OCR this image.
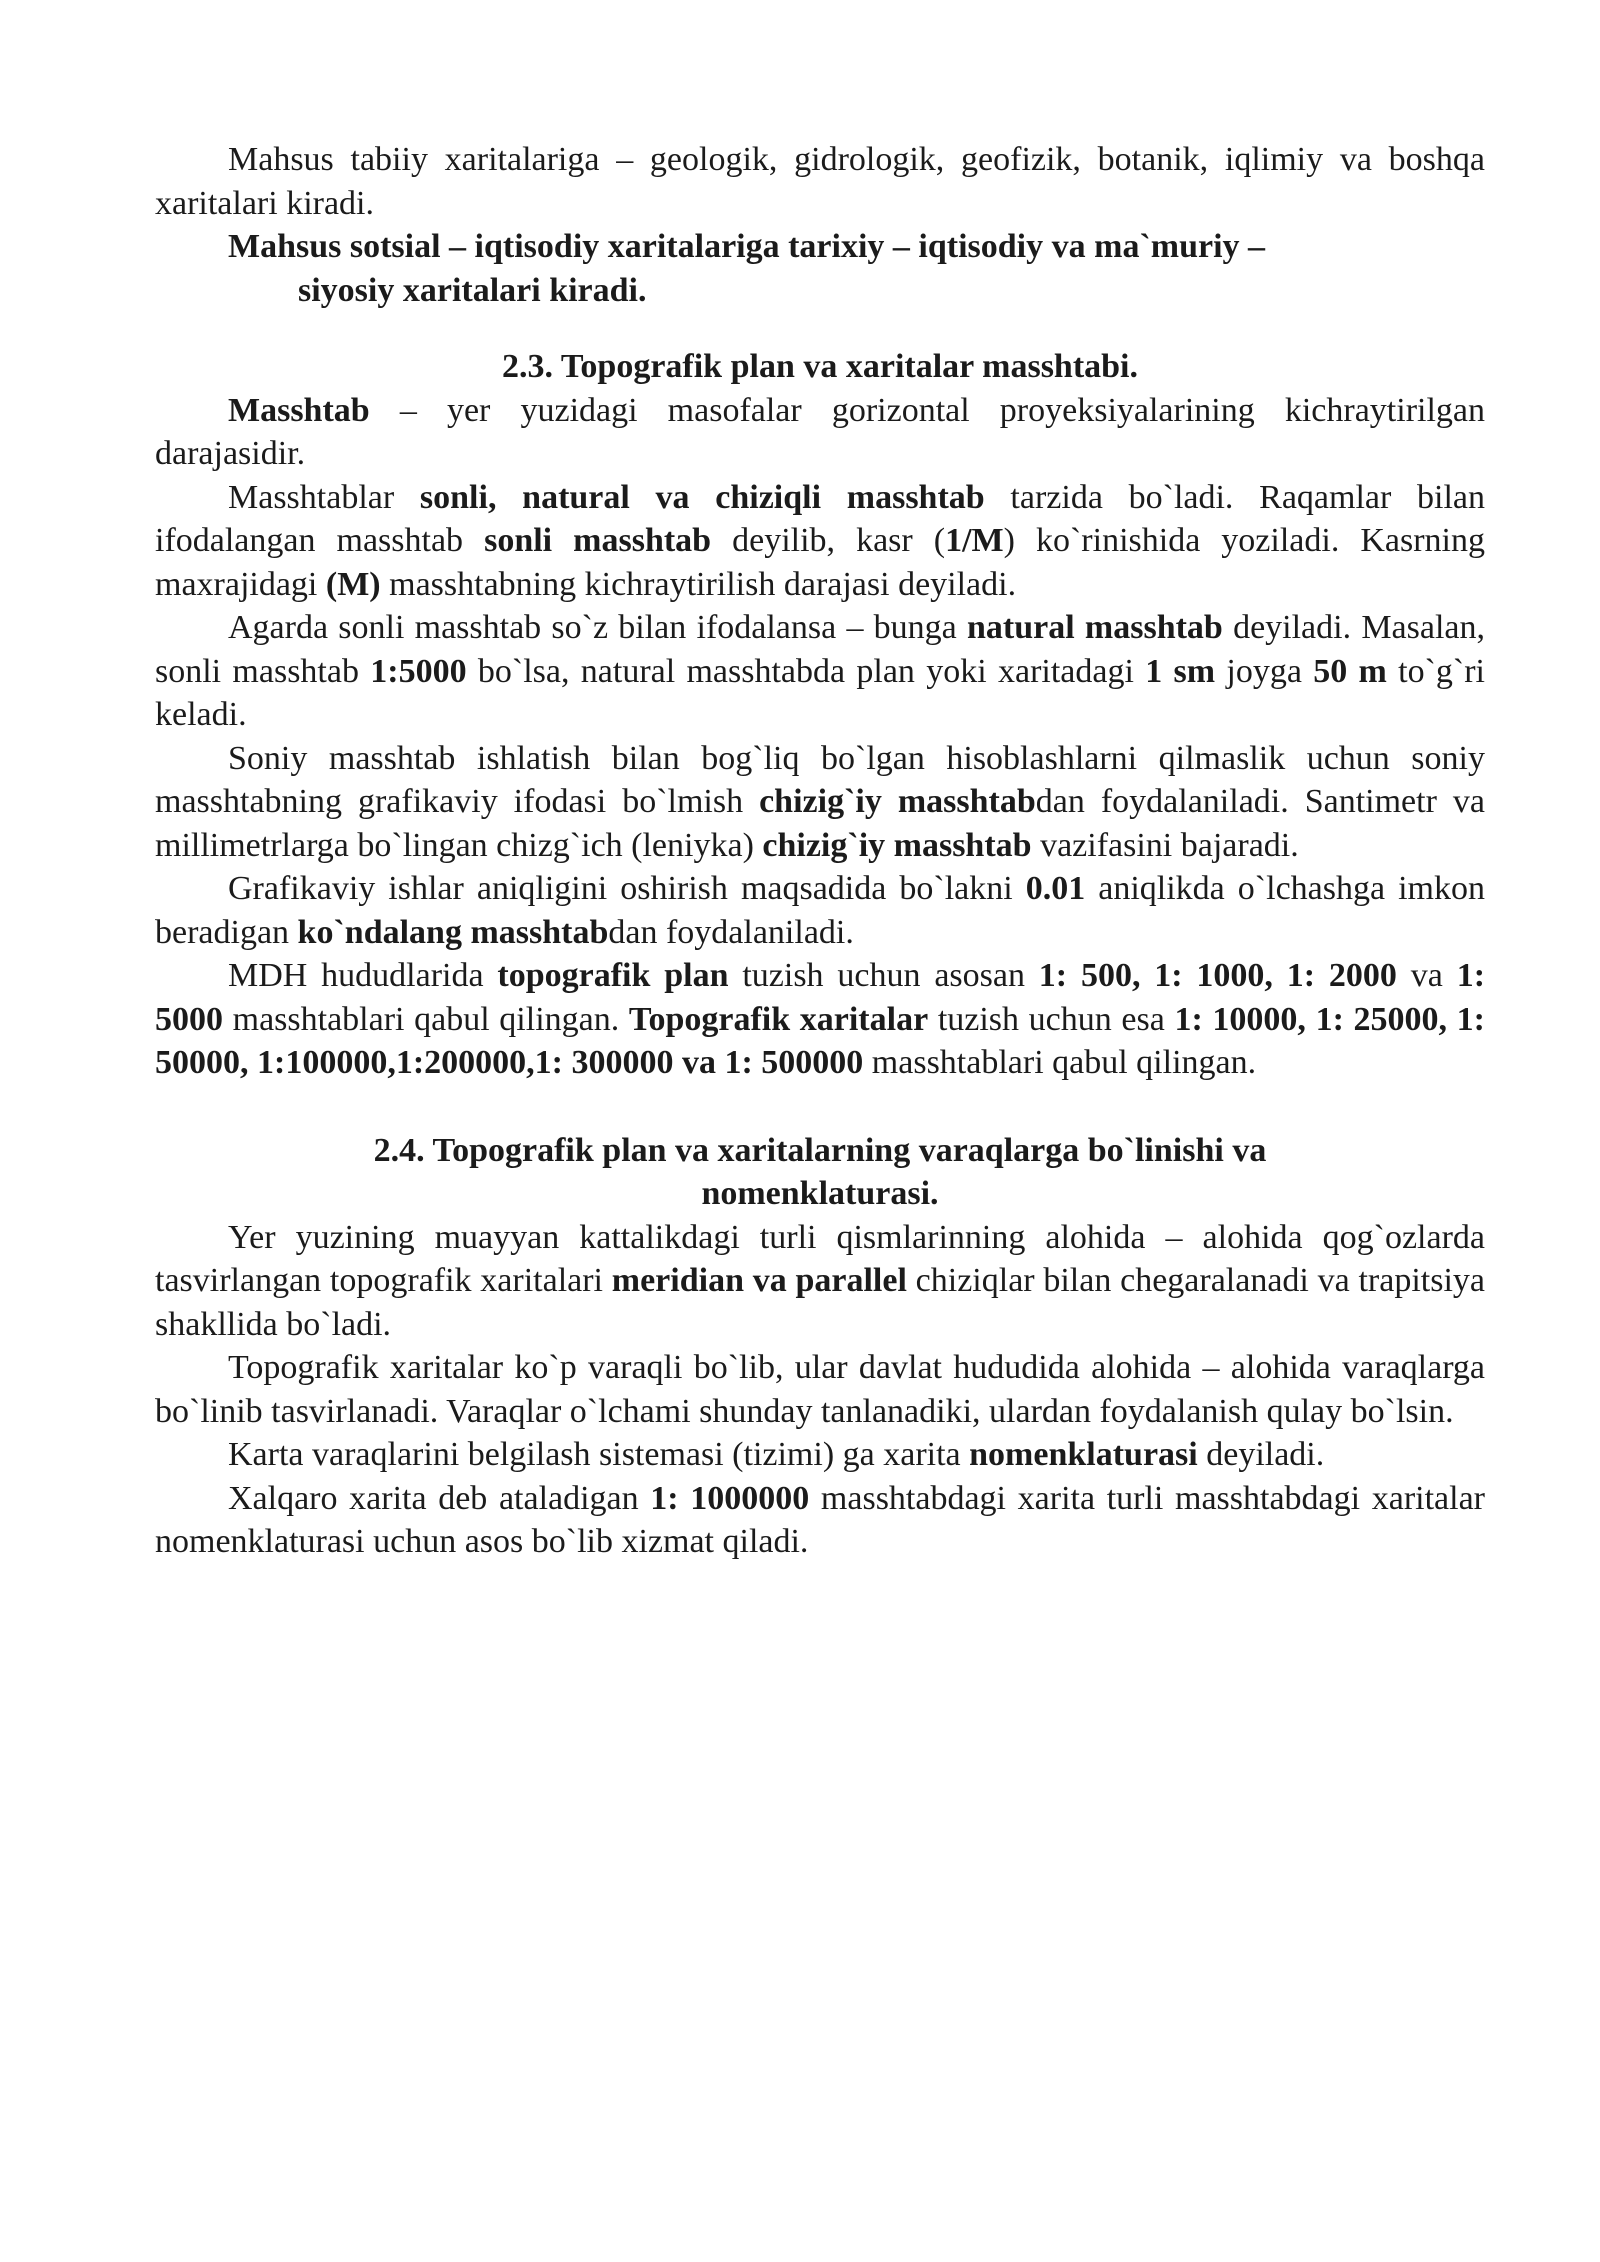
Mahsus tabiiy xaritalariga – geologik, gidrologik, geofizik, botanik, iqlimiy va boshqa xaritalari kiradi.

Mahsus sotsial – iqtisodiy xaritalariga tarixiy – iqtisodiy va ma`muriy –
siyosiy xaritalari kiradi.

2.3. Topografik plan va xaritalar masshtabi.

Masshtab – yer yuzidagi masofalar gorizontal proyeksiyalarining kichraytirilgan darajasidir.

Masshtablar sonli, natural va chiziqli masshtab tarzida bo`ladi. Raqamlar bilan ifodalangan masshtab sonli masshtab deyilib, kasr (1/M) ko`rinishida yoziladi. Kasrning maxrajidagi (M) masshtabning kichraytirilish darajasi deyiladi.

Agarda sonli masshtab so`z bilan ifodalansa – bunga natural masshtab deyiladi. Masalan, sonli masshtab 1:5000 bo`lsa, natural masshtabda plan yoki xaritadagi 1 sm joyga 50 m to`g`ri keladi.

Soniy masshtab ishlatish bilan bog`liq bo`lgan hisoblashlarni qilmaslik uchun soniy masshtabning grafikaviy ifodasi bo`lmish chizig`iy masshtabdan foydalaniladi. Santimetr va millimetrlarga bo`lingan chizg`ich (leniyka) chizig`iy masshtab vazifasini bajaradi.

Grafikaviy ishlar aniqligini oshirish maqsadida bo`lakni 0.01 aniqlikda o`lchashga imkon beradigan ko`ndalang masshtabdan foydalaniladi.

MDH hududlarida topografik plan tuzish uchun asosan 1: 500, 1: 1000, 1: 2000 va 1: 5000 masshtablari qabul qilingan. Topografik xaritalar tuzish uchun esa 1: 10000, 1: 25000, 1: 50000, 1:100000,1:200000,1: 300000 va 1: 500000 masshtablari qabul qilingan.

2.4. Topografik plan va xaritalarning varaqlarga bo`linishi va
nomenklaturasi.

Yer yuzining muayyan kattalikdagi turli qismlarinning alohida – alohida qog`ozlarda tasvirlangan topografik xaritalari meridian va parallel chiziqlar bilan chegaralanadi va trapitsiya shakllida bo`ladi.

Topografik xaritalar ko`p varaqli bo`lib, ular davlat hududida alohida – alohida varaqlarga bo`linib tasvirlanadi. Varaqlar o`lchami shunday tanlanadiki, ulardan foydalanish qulay bo`lsin.

Karta varaqlarini belgilash sistemasi (tizimi) ga xarita nomenklaturasi deyiladi.

Xalqaro xarita deb ataladigan 1: 1000000 masshtabdagi xarita turli masshtabdagi xaritalar nomenklaturasi uchun asos bo`lib xizmat qiladi.
